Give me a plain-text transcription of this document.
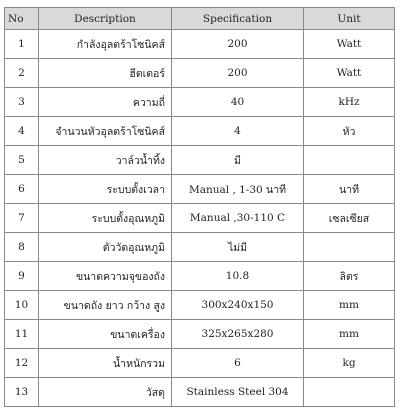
No	Description	Specification	Unit
1	กำลังอุลตร้าโซนิคส์	200	Watt
2	ฮีตเตอร์	200	Watt
3	ความถี่	40	kHz
4	จำนวนหัวอุลตร้าโซนิคส์	4	หัว
5	วาล์วน้ำทิ้ง	มี	
6	ระบบตั้งเวลา	Manual , 1-30 นาที	นาที
7	ระบบตั้งอุณหภูมิ	Manual ,30-110 C	เซลเซียส
8	ตัววัดอุณหภูมิ	ไม่มี	
9	ขนาดความจุของถัง	10.8	ลิตร
10	ขนาดถัง ยาว กว้าง สูง	300x240x150	mm
11	ขนาดเครื่อง	325x265x280	mm
12	น้ำหนักรวม	6	kg
13	วัสดุ	Stainless Steel 304	
